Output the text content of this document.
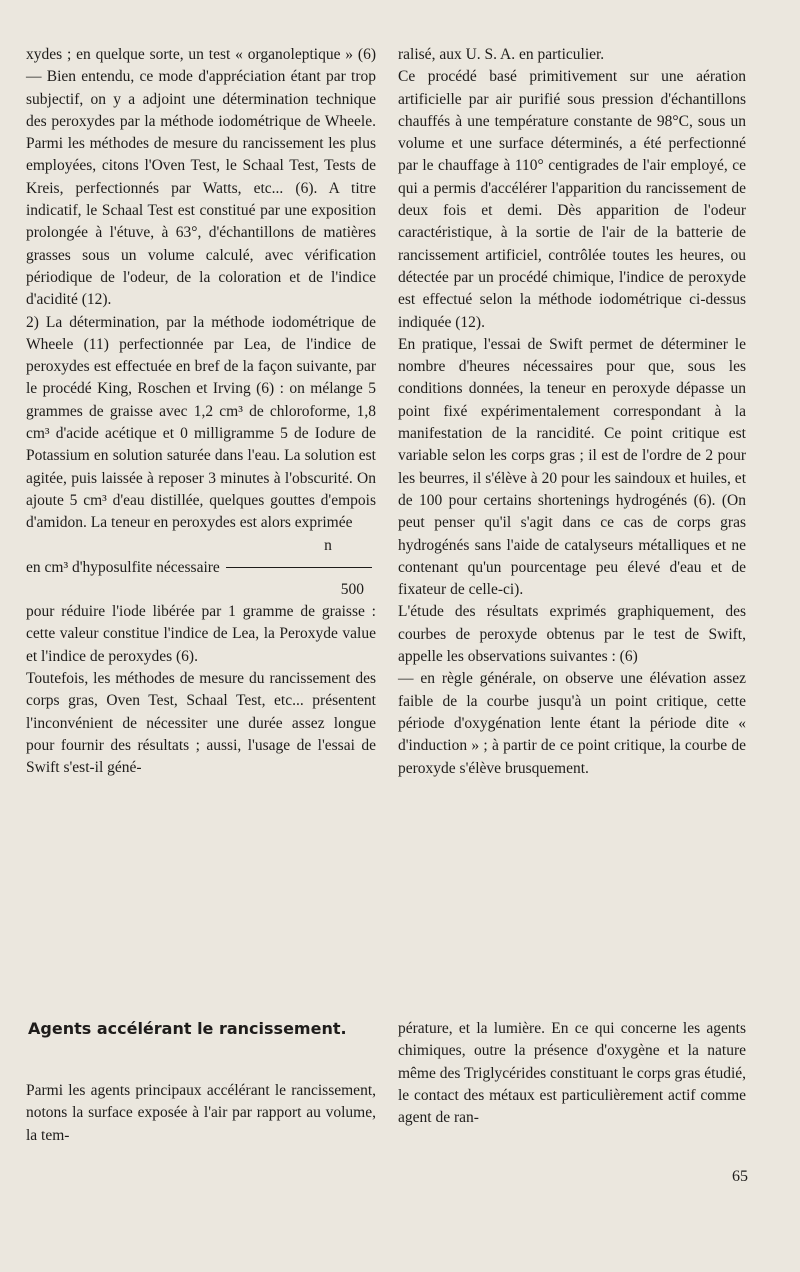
xydes ; en quelque sorte, un test « organoleptique » (6) — Bien entendu, ce mode d'appréciation étant par trop subjectif, on y a adjoint une détermination technique des peroxydes par la méthode iodométrique de Wheele. Parmi les méthodes de mesure du rancissement les plus employées, citons l'Oven Test, le Schaal Test, Tests de Kreis, perfectionnés par Watts, etc... (6). A titre indicatif, le Schaal Test est constitué par une exposition prolongée à l'étuve, à 63°, d'échantillons de matières grasses sous un volume calculé, avec vérification périodique de l'odeur, de la coloration et de l'indice d'acidité (12).

2) La détermination, par la méthode iodométrique de Wheele (11) perfectionnée par Lea, de l'indice de peroxydes est effectuée en bref de la façon suivante, par le procédé King, Roschen et Irving (6) : on mélange 5 grammes de graisse avec 1,2 cm³ de chloroforme, 1,8 cm³ d'acide acétique et 0 milligramme 5 de Iodure de Potassium en solution saturée dans l'eau. La solution est agitée, puis laissée à reposer 3 minutes à l'obscurité. On ajoute 5 cm³ d'eau distillée, quelques gouttes d'empois d'amidon. La teneur en peroxydes est alors exprimée

n
en cm³ d'hyposulfite nécessaire
500

pour réduire l'iode libérée par 1 gramme de graisse : cette valeur constitue l'indice de Lea, la Peroxyde value et l'indice de peroxydes (6).

Toutefois, les méthodes de mesure du rancissement des corps gras, Oven Test, Schaal Test, etc... présentent l'inconvénient de nécessiter une durée assez longue pour fournir des résultats ; aussi, l'usage de l'essai de Swift s'est-il géné-

ralisé, aux U. S. A. en particulier.

Ce procédé basé primitivement sur une aération artificielle par air purifié sous pression d'échantillons chauffés à une température constante de 98°C, sous un volume et une surface déterminés, a été perfectionné par le chauffage à 110° centigrades de l'air employé, ce qui a permis d'accélérer l'apparition du rancissement de deux fois et demi. Dès apparition de l'odeur caractéristique, à la sortie de l'air de la batterie de rancissement artificiel, contrôlée toutes les heures, ou détectée par un procédé chimique, l'indice de peroxyde est effectué selon la méthode iodométrique ci-dessus indiquée (12).

En pratique, l'essai de Swift permet de déterminer le nombre d'heures nécessaires pour que, sous les conditions données, la teneur en peroxyde dépasse un point fixé expérimentalement correspondant à la manifestation de la rancidité. Ce point critique est variable selon les corps gras ; il est de l'ordre de 2 pour les beurres, il s'élève à 20 pour les saindoux et huiles, et de 100 pour certains shortenings hydrogénés (6). (On peut penser qu'il s'agit dans ce cas de corps gras hydrogénés sans l'aide de catalyseurs métalliques et ne contenant qu'un pourcentage peu élevé d'eau et de fixateur de celle-ci).

L'étude des résultats exprimés graphiquement, des courbes de peroxyde obtenus par le test de Swift, appelle les observations suivantes : (6)

— en règle générale, on observe une élévation assez faible de la courbe jusqu'à un point critique, cette période d'oxygénation lente étant la période dite « d'induction » ; à partir de ce point critique, la courbe de peroxyde s'élève brusquement.

Agents accélérant le rancissement.

Parmi les agents principaux accélérant le rancissement, notons la surface exposée à l'air par rapport au volume, la tem-

pérature, et la lumière. En ce qui concerne les agents chimiques, outre la présence d'oxygène et la nature même des Triglycérides constituant le corps gras étudié, le contact des métaux est particulièrement actif comme agent de ran-

65
